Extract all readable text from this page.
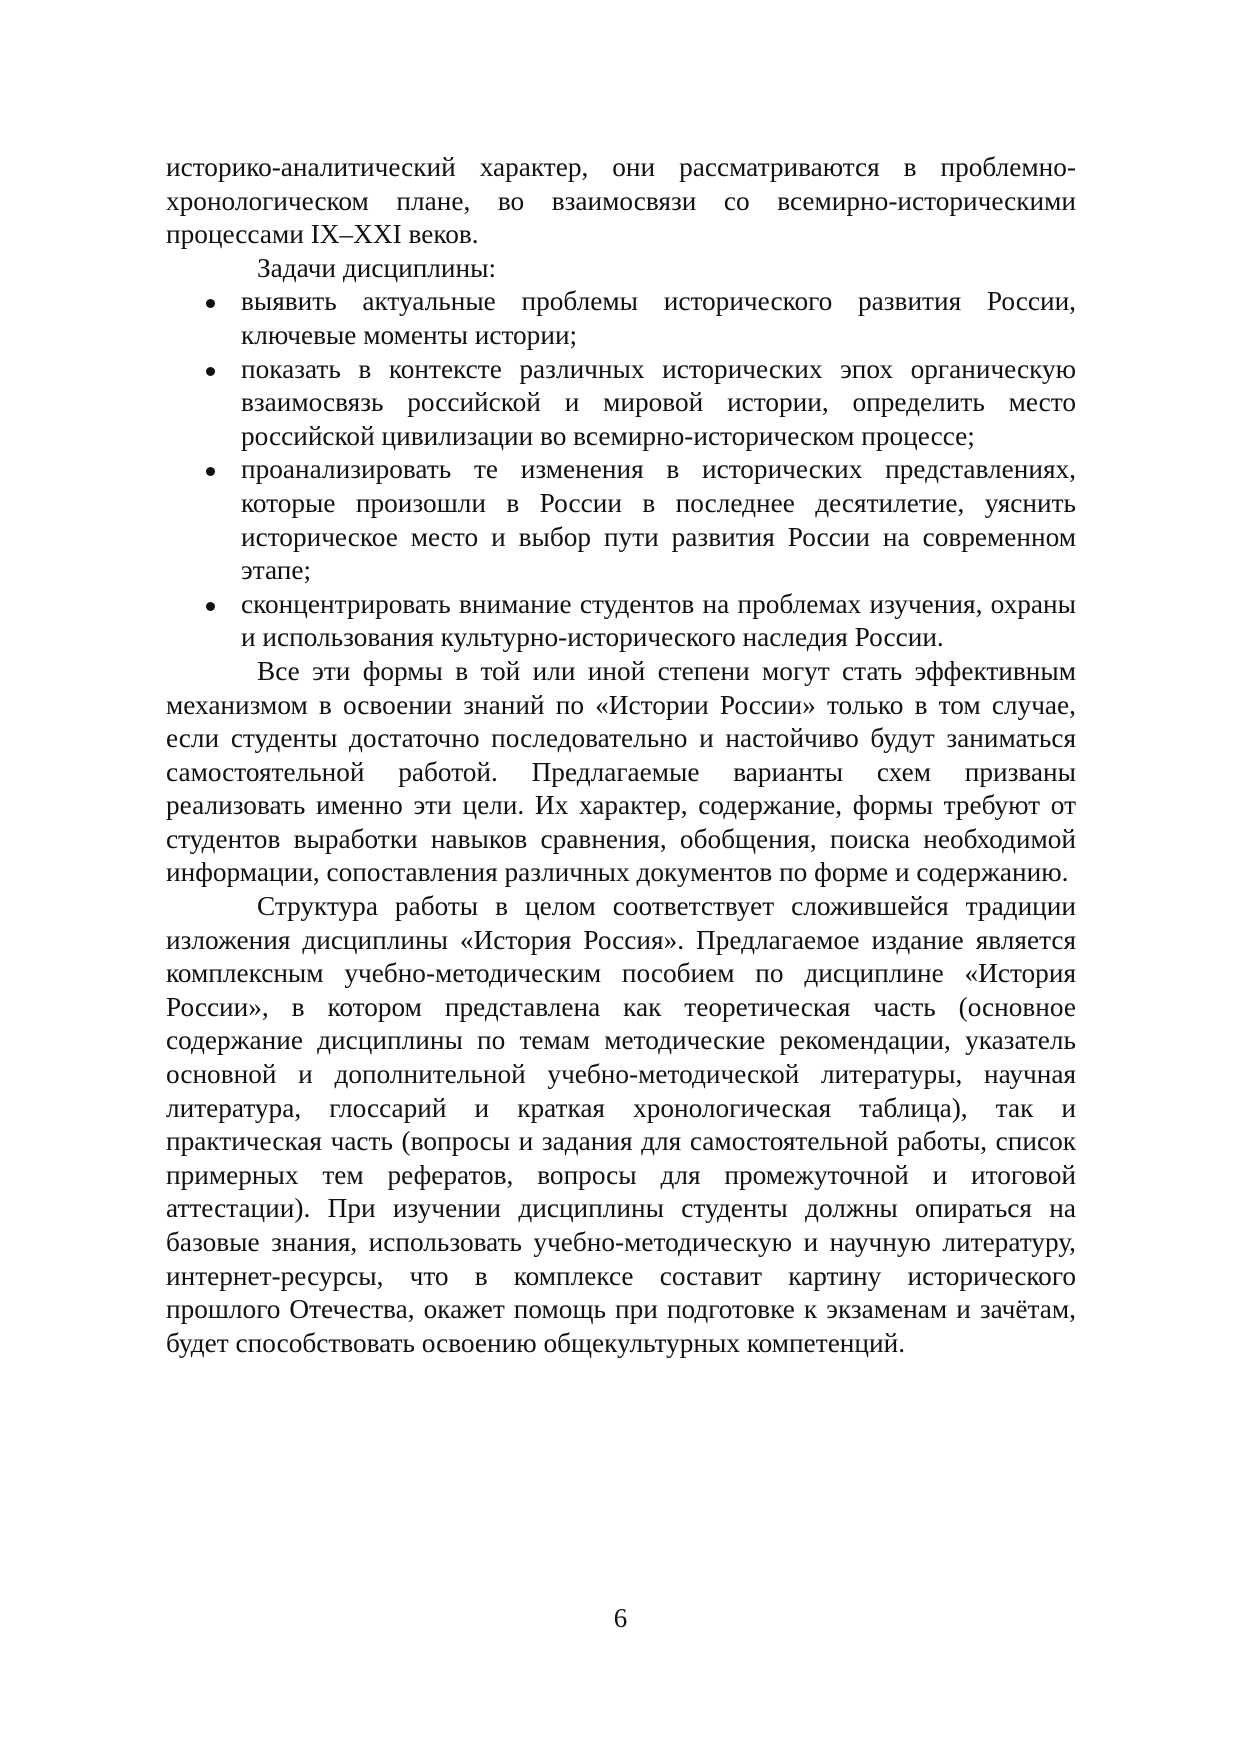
историко-аналитический характер, они рассматриваются в проблемно-хронологическом плане, во взаимосвязи со всемирно-историческими процессами IX–XXI веков.

Задачи дисциплины:

выявить актуальные проблемы исторического развития России, ключевые моменты истории;
показать в контексте различных исторических эпох органическую взаимосвязь российской и мировой истории, определить место российской цивилизации во всемирно-историческом процессе;
проанализировать те изменения в исторических представлениях, которые произошли в России в последнее десятилетие, уяснить историческое место и выбор пути развития России на современном этапе;
сконцентрировать внимание студентов на проблемах изучения, охраны и использования культурно-исторического наследия России.

Все эти формы в той или иной степени могут стать эффективным механизмом в освоении знаний по «Истории России» только в том случае, если студенты достаточно последовательно и настойчиво будут заниматься самостоятельной работой. Предлагаемые варианты схем призваны реализовать именно эти цели. Их характер, содержание, формы требуют от студентов выработки навыков сравнения, обобщения, поиска необходимой информации, сопоставления различных документов по форме и содержанию.

Структура работы в целом соответствует сложившейся традиции изложения дисциплины «История Россия». Предлагаемое издание является комплексным учебно-методическим пособием по дисциплине «История России», в котором представлена как теоретическая часть (основное содержание дисциплины по темам методические рекомендации, указатель основной и дополнительной учебно-методической литературы, научная литература, глоссарий и краткая хронологическая таблица), так и практическая часть (вопросы и задания для самостоятельной работы, список примерных тем рефератов, вопросы для промежуточной и итоговой аттестации). При изучении дисциплины студенты должны опираться на базовые знания, использовать учебно-методическую и научную литературу, интернет-ресурсы, что в комплексе составит картину исторического прошлого Отечества, окажет помощь при подготовке к экзаменам и зачётам, будет способствовать освоению общекультурных компетенций.

6
